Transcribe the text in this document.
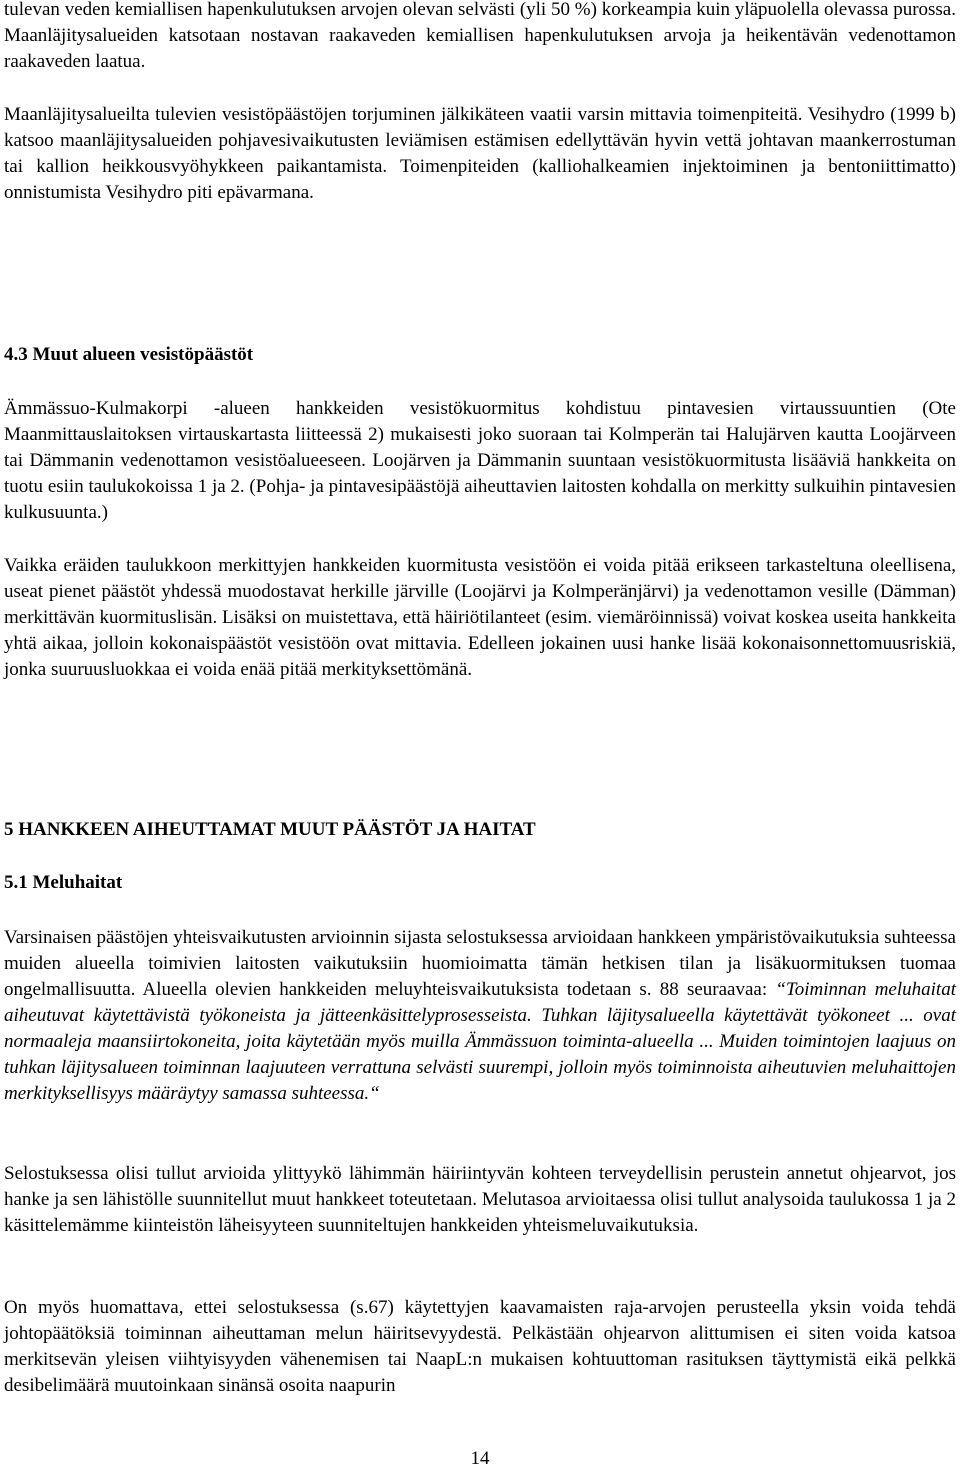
tulevan veden kemiallisen hapenkulutuksen arvojen olevan selvästi (yli 50 %) korkeampia kuin yläpuolella olevassa purossa. Maanläjitysalueiden katsotaan nostavan raakaveden kemiallisen hapenkulutuksen arvoja ja heikentävän vedenottamon raakaveden laatua.

Maanläjitysalueilta tulevien vesistöpäästöjen torjuminen jälkikäteen vaatii varsin mittavia toimenpiteitä. Vesihydro (1999 b) katsoo maanläjitysalueiden pohjavesivaikutusten leviämisen estämisen edellyttävän hyvin vettä johtavan maankerrostuman tai kallion heikkousvyöhykkeen paikantamista. Toimenpiteiden (kalliohalkeamien injektoiminen ja bentoniittimatto) onnistumista Vesihydro piti epävarmana.

4.3 Muut alueen vesistöpäästöt

Ämmässuo-Kulmakorpi -alueen hankkeiden vesistökuormitus kohdistuu pintavesien virtaussuuntien (Ote Maanmittauslaitoksen virtauskartasta liitteessä 2) mukaisesti joko suoraan tai Kolmperän tai Halujärven kautta Loojärveen tai Dämmanin vedenottamon vesistöalueeseen. Loojärven ja Dämmanin suuntaan vesistökuormitusta lisääviä hankkeita on tuotu esiin taulukokoissa 1 ja 2. (Pohja- ja pintavesipäästöjä aiheuttavien laitosten kohdalla on merkitty sulkuihin pintavesien kulkusuunta.)

Vaikka eräiden taulukkoon merkittyjen hankkeiden kuormitusta vesistöön ei voida pitää erikseen tarkasteltuna oleellisena, useat pienet päästöt yhdessä muodostavat herkille järville (Loojärvi ja Kolmperänjärvi) ja vedenottamon vesille (Dämman) merkittävän kuormituslisän. Lisäksi on muistettava, että häiriötilanteet (esim. viemäröinnissä) voivat koskea useita hankkeita yhtä aikaa, jolloin kokonaispäästöt vesistöön ovat mittavia. Edelleen jokainen uusi hanke lisää kokonaisonnettomuusriskiä, jonka suuruusluokkaa ei voida enää pitää merkityksettömänä.

5 HANKKEEN AIHEUTTAMAT MUUT PÄÄSTÖT JA HAITAT
5.1 Meluhaitat

Varsinaisen päästöjen yhteisvaikutusten arvioinnin sijasta selostuksessa arvioidaan hankkeen ympäristövaikutuksia suhteessa muiden alueella toimivien laitosten vaikutuksiin huomioimatta tämän hetkisen tilan ja lisäkuormituksen tuomaa ongelmallisuutta. Alueella olevien hankkeiden meluyhteisvaikutuksista todetaan s. 88 seuraavaa: “Toiminnan meluhaitat aiheutuvat käytettävistä työkoneista ja jätteenkäsittelyprosesseista. Tuhkan läjitysalueella käytettävät työkoneet ... ovat normaaleja maansiirtokoneita, joita käytetään myös muilla Ämmässuon toiminta-alueella ... Muiden toimintojen laajuus on tuhkan läjitysalueen toiminnan laajuuteen verrattuna selvästi suurempi, jolloin myös toiminnoista aiheutuvien meluhaittojen merkityksellisyys määräytyy samassa suhteessa.“

Selostuksessa olisi tullut arvioida ylittyykö lähimmän häiriintyvän kohteen terveydellisin perustein annetut ohjearvot, jos hanke ja sen lähistölle suunnitellut muut hankkeet toteutetaan. Melutasoa arvioitaessa olisi tullut analysoida taulukossa 1 ja 2 käsittelemämme kiinteistön läheisyyteen suunniteltujen hankkeiden yhteismeluvaikutuksia.

On myös huomattava, ettei selostuksessa (s.67) käytettyjen kaavamaisten raja-arvojen perusteella yksin voida tehdä johtopäätöksiä toiminnan aiheuttaman melun häiritsevyydestä. Pelkästään ohjearvon alittumisen ei siten voida katsoa merkitsevän yleisen viihtyisyyden vähenemisen tai NaapL:n mukaisen kohtuuttoman rasituksen täyttymistä eikä pelkkä desibelimäärä muutoinkaan sinänsä osoita naapurin

14
